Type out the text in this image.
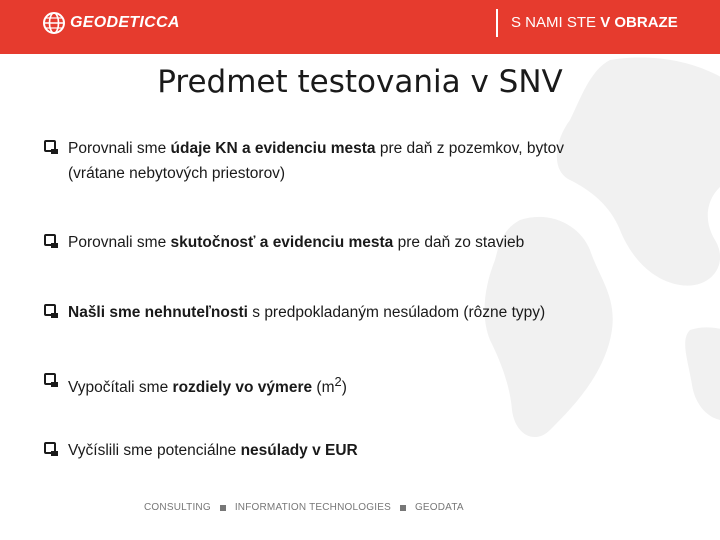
GEODETICCA	S NAMI STE V OBRAZE
Predmet testovania v SNV
Porovnali sme údaje KN a evidenciu mesta pre daň z pozemkov, bytov
(vrátane nebytových priestorov)
Porovnali sme skutočnosť a evidenciu mesta pre daň zo stavieb
Našli sme nehnuteľnosti s predpokladaným nesúladom (rôzne typy)
Vypočítali sme rozdiely vo výmere $(m^2)$
Vyčíslili sme potenciálne nesúlady v EUR
CONSULTING INFORMATION TECHNOLOGIES GEODATA
